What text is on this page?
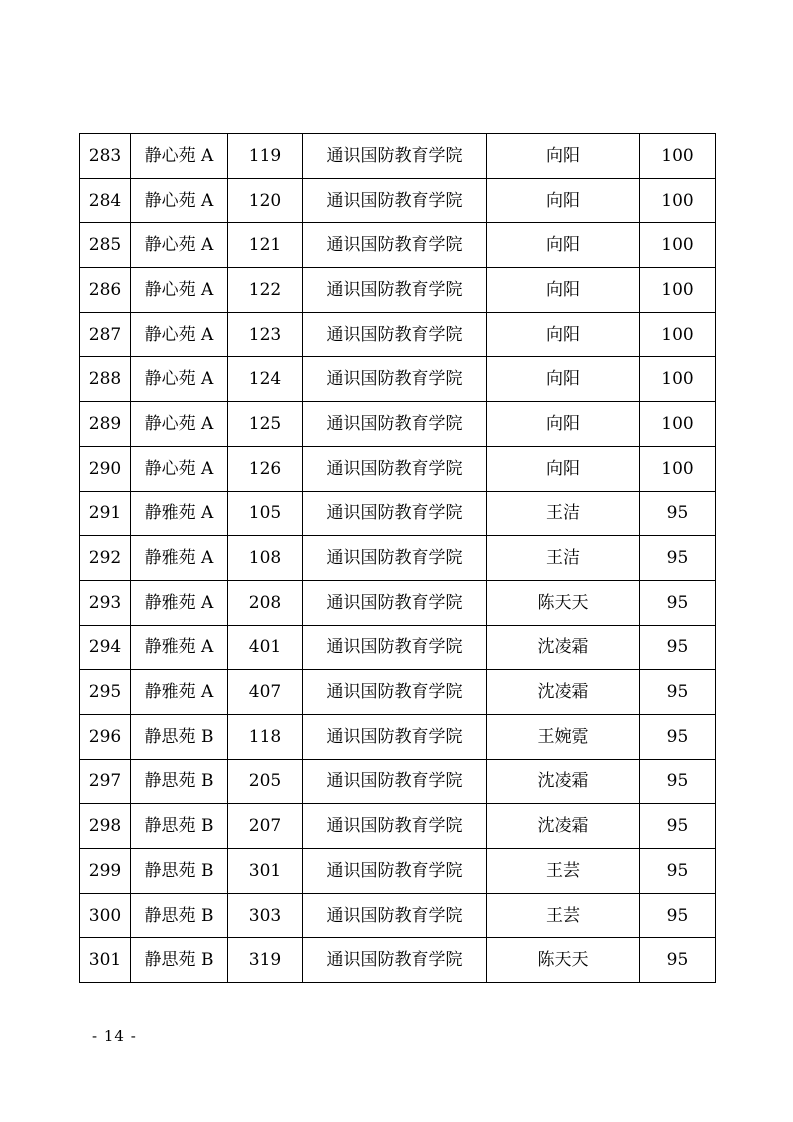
283	静心苑 A	119	通识国防教育学院	向阳	100
284	静心苑 A	120	通识国防教育学院	向阳	100
285	静心苑 A	121	通识国防教育学院	向阳	100
286	静心苑 A	122	通识国防教育学院	向阳	100
287	静心苑 A	123	通识国防教育学院	向阳	100
288	静心苑 A	124	通识国防教育学院	向阳	100
289	静心苑 A	125	通识国防教育学院	向阳	100
290	静心苑 A	126	通识国防教育学院	向阳	100
291	静雅苑 A	105	通识国防教育学院	王洁	95
292	静雅苑 A	108	通识国防教育学院	王洁	95
293	静雅苑 A	208	通识国防教育学院	陈天天	95
294	静雅苑 A	401	通识国防教育学院	沈凌霜	95
295	静雅苑 A	407	通识国防教育学院	沈凌霜	95
296	静思苑 B	118	通识国防教育学院	王婉霓	95
297	静思苑 B	205	通识国防教育学院	沈凌霜	95
298	静思苑 B	207	通识国防教育学院	沈凌霜	95
299	静思苑 B	301	通识国防教育学院	王芸	95
300	静思苑 B	303	通识国防教育学院	王芸	95
301	静思苑 B	319	通识国防教育学院	陈天天	95
- 14 -
